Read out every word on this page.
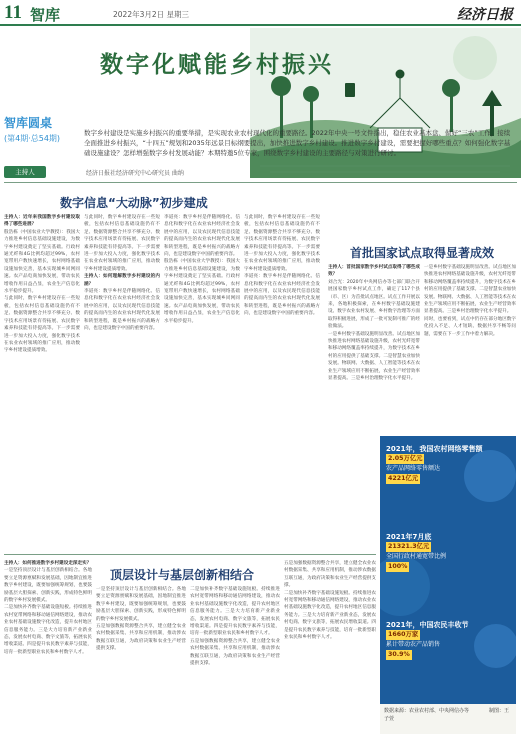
11 智库	2022年3月2日 星期三	经济日报
数字化赋能乡村振兴
智库圆桌
(第4期·总54期)
数字乡村建设是实施乡村振兴的重要举措，是实现农业农村现代化的重要路径。2022年中央一号文件指出，稳住农业基本盘、做好“三农”工作，接续全面推进乡村振兴，“十四五”规划和2035年远景目标纲要提出，加快推进数字乡村建设。推进数字乡村建设，需要把握好哪些重点？如何强化数字基础设施建设？怎样增强数字乡村发展动能？本期特邀5位专家，围绕数字乡村建设的主要路径与对策进行研讨。
主持人	经济日报社经济研究中心研究员 曲纳
数字信息“大动脉”初步建成

主持人：近年来我国数字乡村建设取得了哪些进展？

殷浩栋（中国农业大学教授）：我国大力推进乡村信息基础设施建设，为数字乡村建设奠定了坚实基础。行政村通光纤和4G比例均超过99%，农村宽带用户数快速增长，农村网络基础设施加快完善，基本实现城乡同网同速。农产品电商加快发展，带动农民增收作用日益凸显，农业生产信息化水平稳步提升。

与此同时，数字乡村建设存在一些短板，包括农村信息基础设施仍有不足、数据资源整合共享不够充分、数字技术应用场景有待拓展、农民数字素养和技能有待提高等。下一步需要进一步加大投入力度，强化数字技术在农业农村领域的推广应用，推动数字乡村建设提质增效。

与此同时，数字乡村建设存在一些短板，包括农村信息基础设施仍有不足、数据资源整合共享不够充分、数字技术应用场景有待拓展、农民数字素养和技能有待提高等。下一步需要进一步加大投入力度，强化数字技术在农业农村领域的推广应用，推动数字乡村建设提质增效。

主持人：如何理解数字乡村建设的内涵？

李道亮：数字乡村是伴随网络化、信息化和数字化在农业农村经济社会发展中的应用，以及农民现代信息技能的提高而内生的农业农村现代化发展和转型进程，既是乡村振兴的战略方向，也是建设数字中国的重要内容。

李道亮：数字乡村是伴随网络化、信息化和数字化在农业农村经济社会发展中的应用，以及农民现代信息技能的提高而内生的农业农村现代化发展和转型进程，既是乡村振兴的战略方向，也是建设数字中国的重要内容。

殷浩栋（中国农业大学教授）：我国大力推进乡村信息基础设施建设，为数字乡村建设奠定了坚实基础。行政村通光纤和4G比例均超过99%，农村宽带用户数快速增长，农村网络基础设施加快完善，基本实现城乡同网同速。农产品电商加快发展，带动农民增收作用日益凸显，农业生产信息化水平稳步提升。

与此同时，数字乡村建设存在一些短板，包括农村信息基础设施仍有不足、数据资源整合共享不够充分、数字技术应用场景有待拓展、农民数字素养和技能有待提高等。下一步需要进一步加大投入力度，强化数字技术在农业农村领域的推广应用，推动数字乡村建设提质增效。

李道亮：数字乡村是伴随网络化、信息化和数字化在农业农村经济社会发展中的应用，以及农民现代信息技能的提高而内生的农业农村现代化发展和转型进程，既是乡村振兴的战略方向，也是建设数字中国的重要内容。

首批国家试点取得显著成效

主持人：首批国家数字乡村试点取得了哪些成效？

刘合光：2020年中央网信办等七部门联合开展国家数字乡村试点工作，确定了117个县（市、区）为首批试点地区。试点工作开展以来，各地积极探索，在乡村数字基础设施建设、数字农业农村发展、乡村数字治理等方面取得积极进展，形成了一批可复制可推广的经验做法。

一是乡村数字基础设施明显改善。试点地区加快推进农村网络基础设施升级，农村光纤宽带和移动网络覆盖率持续提升，为数字技术在乡村的应用提供了基础支撑。二是智慧农业加快发展。物联网、大数据、人工智能等技术在农业生产领域应用不断拓展，农业生产经营效率显著提高。三是乡村治理数字化水平提升。

一是乡村数字基础设施明显改善。试点地区加快推进农村网络基础设施升级，农村光纤宽带和移动网络覆盖率持续提升，为数字技术在乡村的应用提供了基础支撑。二是智慧农业加快发展。物联网、大数据、人工智能等技术在农业生产领域应用不断拓展，农业生产经营效率显著提高。三是乡村治理数字化水平提升。

同时，也要看到，试点中仍存在部分地区数字化投入不足、人才短缺、数据共享不畅等问题，需要在下一步工作中着力解决。

顶层设计与基层创新相结合

主持人：如何推进数字乡村建设走深走实？

一是坚持顶层设计与基层创新相结合。各地要立足资源禀赋和发展基础，因地制宜推进数字乡村建设，既要加强统筹规划，也要鼓励基层大胆探索、创新实践，形成特色鲜明的数字乡村发展模式。

二是加快补齐数字基础设施短板。持续推进农村宽带网络和移动通信网络建设，推动农业农村基础设施数字化改造，提升农村地区信息服务能力。三是大力培育新产业新业态，发展农村电商、数字文旅等，拓展农民增收渠道。四是提升农民数字素养与技能，培育一批新型职业农民和乡村数字人才。

一是坚持顶层设计与基层创新相结合。各地要立足资源禀赋和发展基础，因地制宜推进数字乡村建设，既要加强统筹规划，也要鼓励基层大胆探索、创新实践，形成特色鲜明的数字乡村发展模式。

五是加强数据资源整合共享，建立健全农业农村数据采集、共享和应用机制，推动涉农数据互联互通，为政府决策和农业生产经营提供支撑。

二是加快补齐数字基础设施短板。持续推进农村宽带网络和移动通信网络建设，推动农业农村基础设施数字化改造，提升农村地区信息服务能力。三是大力培育新产业新业态，发展农村电商、数字文旅等，拓展农民增收渠道。四是提升农民数字素养与技能，培育一批新型职业农民和乡村数字人才。

五是加强数据资源整合共享，建立健全农业农村数据采集、共享和应用机制，推动涉农数据互联互通，为政府决策和农业生产经营提供支撑。

五是加强数据资源整合共享，建立健全农业农村数据采集、共享和应用机制，推动涉农数据互联互通，为政府决策和农业生产经营提供支撑。

二是加快补齐数字基础设施短板。持续推进农村宽带网络和移动通信网络建设，推动农业农村基础设施数字化改造，提升农村地区信息服务能力。三是大力培育新产业新业态，发展农村电商、数字文旅等，拓展农民增收渠道。四是提升农民数字素养与技能，培育一批新型职业农民和乡村数字人才。

2021年，我国农村网络零售额
2.05万亿元
农产品网络零售额达
4221亿元
2021年7月底
21321.3亿元
全国行政村通宽带比例
100%
2021年，中国农民丰收节
1660万家
累计带动农产品销售
30.9%
数据来源：农业农村部、中央网信办等　　　　制图：王子萱
